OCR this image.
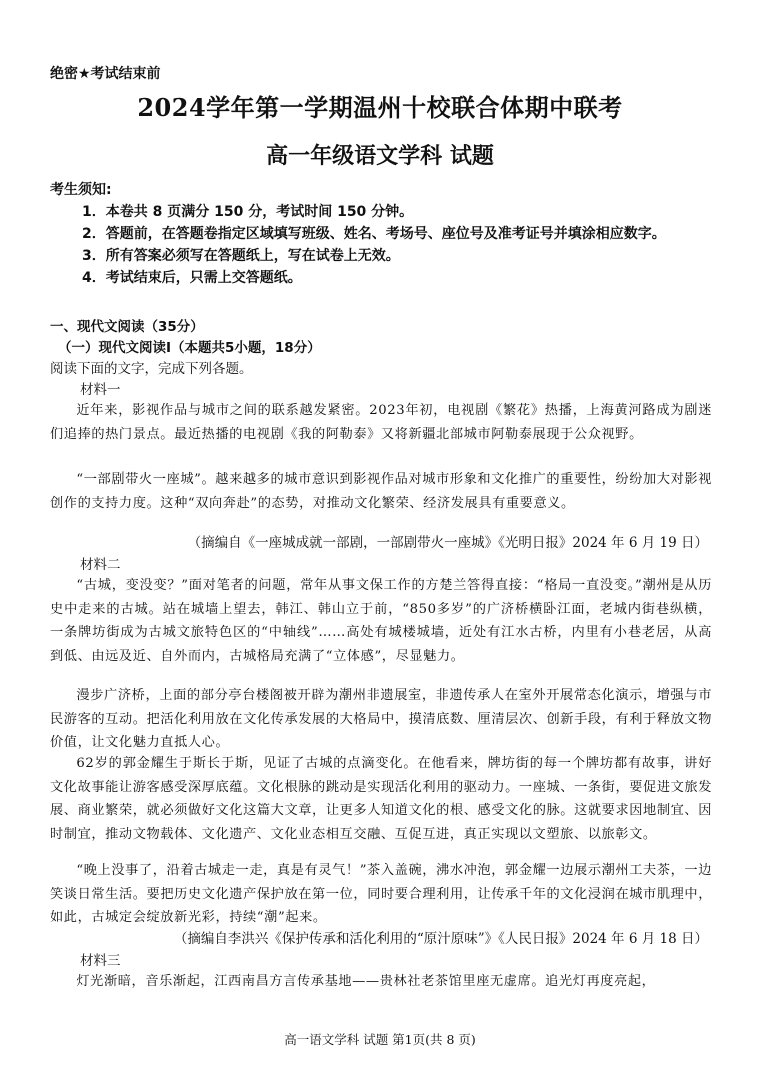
绝密★考试结束前
2024学年第一学期温州十校联合体期中联考
高一年级语文学科 试题
考生须知:
1．本卷共 8 页满分 150 分，考试时间 150 分钟。
2．答题前，在答题卷指定区域填写班级、姓名、考场号、座位号及准考证号并填涂相应数字。
3．所有答案必须写在答题纸上，写在试卷上无效。
4．考试结束后，只需上交答题纸。
一、现代文阅读（35分）
（一）现代文阅读Ⅰ（本题共5小题，18分）
阅读下面的文字，完成下列各题。
材料一
近年来，影视作品与城市之间的联系越发紧密。2023年初，电视剧《繁花》热播，上海黄河路成为剧迷们追捧的热门景点。最近热播的电视剧《我的阿勒泰》又将新疆北部城市阿勒泰展现于公众视野。
“一部剧带火一座城”。越来越多的城市意识到影视作品对城市形象和文化推广的重要性，纷纷加大对影视创作的支持力度。这种“双向奔赴”的态势，对推动文化繁荣、经济发展具有重要意义。
（摘编自《一座城成就一部剧，一部剧带火一座城》《光明日报》2024 年 6 月 19 日）
材料二
“古城，变没变？”面对笔者的问题，常年从事文保工作的方楚兰答得直接：“格局一直没变。”潮州是从历史中走来的古城。站在城墙上望去，韩江、韩山立于前，“850多岁”的广济桥横卧江面，老城内街巷纵横，一条牌坊街成为古城文旅特色区的“中轴线”……高处有城楼城墙，近处有江水古桥，内里有小巷老居，从高到低、由远及近、自外而内，古城格局充满了“立体感”，尽显魅力。
漫步广济桥，上面的部分亭台楼阁被开辟为潮州非遗展室，非遗传承人在室外开展常态化演示，增强与市民游客的互动。把活化利用放在文化传承发展的大格局中，摸清底数、厘清层次、创新手段，有利于释放文物价值，让文化魅力直抵人心。
62岁的郭金耀生于斯长于斯，见证了古城的点滴变化。在他看来，牌坊街的每一个牌坊都有故事，讲好文化故事能让游客感受深厚底蕴。文化根脉的跳动是实现活化利用的驱动力。一座城、一条街，要促进文旅发展、商业繁荣，就必须做好文化这篇大文章，让更多人知道文化的根、感受文化的脉。这就要求因地制宜、因时制宜，推动文物载体、文化遗产、文化业态相互交融、互促互进，真正实现以文塑旅、以旅彰文。
“晚上没事了，沿着古城走一走，真是有灵气！”茶入盖碗，沸水冲泡，郭金耀一边展示潮州工夫茶，一边笑谈日常生活。要把历史文化遗产保护放在第一位，同时要合理利用，让传承千年的文化浸润在城市肌理中，如此，古城定会绽放新光彩，持续“潮”起来。
（摘编自李洪兴《保护传承和活化利用的“原汁原味”》《人民日报》2024 年 6 月 18 日）
材料三
灯光渐暗，音乐渐起，江西南昌方言传承基地——贵林社老茶馆里座无虚席。追光灯再度亮起，
高一语文学科 试题 第1页(共 8 页)
